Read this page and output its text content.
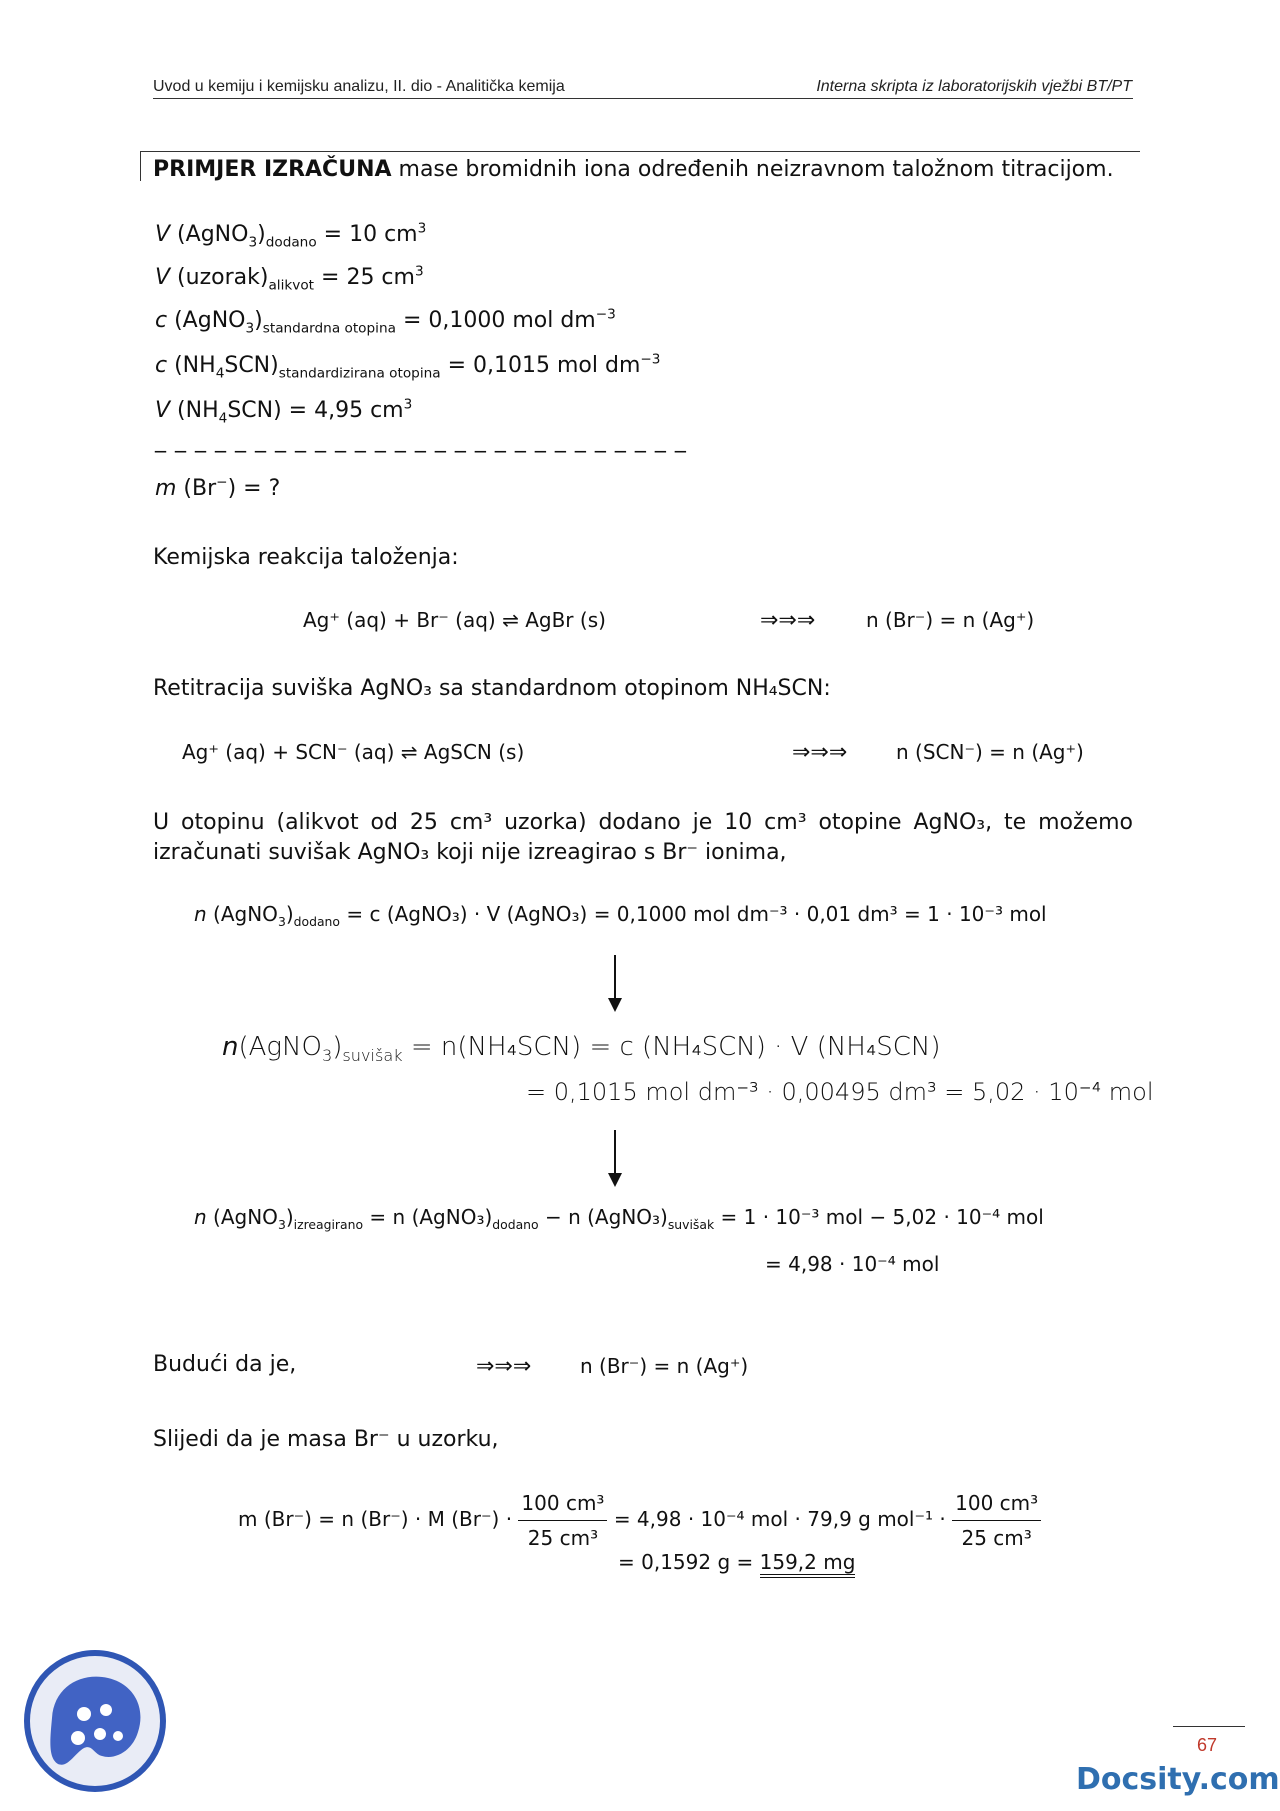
Uvod u kemiju i kemijsku analizu, II. dio - Analitička kemija	Interna skripta iz laboratorijskih vježbi BT/PT
PRIMJER IZRAČUNA mase bromidnih iona određenih neizravnom taložnom titracijom.
V $(AgNO_3)_{dodano} = 10$ $cm^3$
V $(uzorak)_{alikvot} = 25$ $cm^3$
c $(AgNO_3)_{standardna otopina} = 0,1000$ mol $dm^{-3}$
c $(NH_4SCN)_{standardizirana otopina} = 0,1015$ mol $dm^{-3}$
V $(NH_4SCN) = 4,95$ $cm^3$
_ _ _ _ _ _ _ _ _ _ _ _ _ _ _ _ _ _ _ _ _ _ _ _ _ _ _
m (Br−) = ?
Kemijska reakcija taloženja:
Ag⁺ (aq) + Br⁻ (aq) ⇌ AgBr (s)	⇒⇒⇒	n (Br⁻) = n (Ag⁺)
Retitracija suviška AgNO₃ sa standardnom otopinom NH₄SCN:
Ag⁺ (aq) + SCN⁻ (aq) ⇌ AgSCN (s)	⇒⇒⇒ n (SCN⁻) = n (Ag⁺)
U otopinu (alikvot od 25 cm³ uzorka) dodano je 10 cm³ otopine AgNO₃, te možemo
izračunati suvišak AgNO₃ koji nije izreagirao s Br⁻ ionima,
n $(AgNO_3)_{dodano} = c$ (AgNO₃) · V (AgNO₃) = 0,1000 mol dm⁻³ · 0,01 dm³ = 1 · 10⁻³ mol
$n(AgNO_3)_{suvišak} = n(NH_4SCN) = c$ (NH₄SCN) · V (NH₄SCN)
= 0,1015 mol dm⁻³ · 0,00495 dm³ = 5,02 · 10⁻⁴ mol
n $(AgNO_3)_{izreagirano} = n$ $(AgNO_3)_{dodano} - n$ $(AgNO_3)_{suvišak} = 1 \cdot 10^{-3}$ mol − 5,02 · 10⁻⁴ mol
= 4,98 · 10⁻⁴ mol
Budući da je,	⇒⇒⇒ n (Br⁻) = n (Ag⁺)
Slijedi da je masa Br⁻ u uzorku,
m (Br⁻) = n (Br⁻) · M $(Br^-) \cdot \frac{\text{100 cm³}}{\text{25 cm³}} = 4,98 \cdot 10^{-4}$ mol · 79,9 g $mol^{-1} \cdot \frac{\text{100 cm³}}{\text{25 cm³}}$
= 0,1592 g = 159,2 mg
67
Docsity.com
